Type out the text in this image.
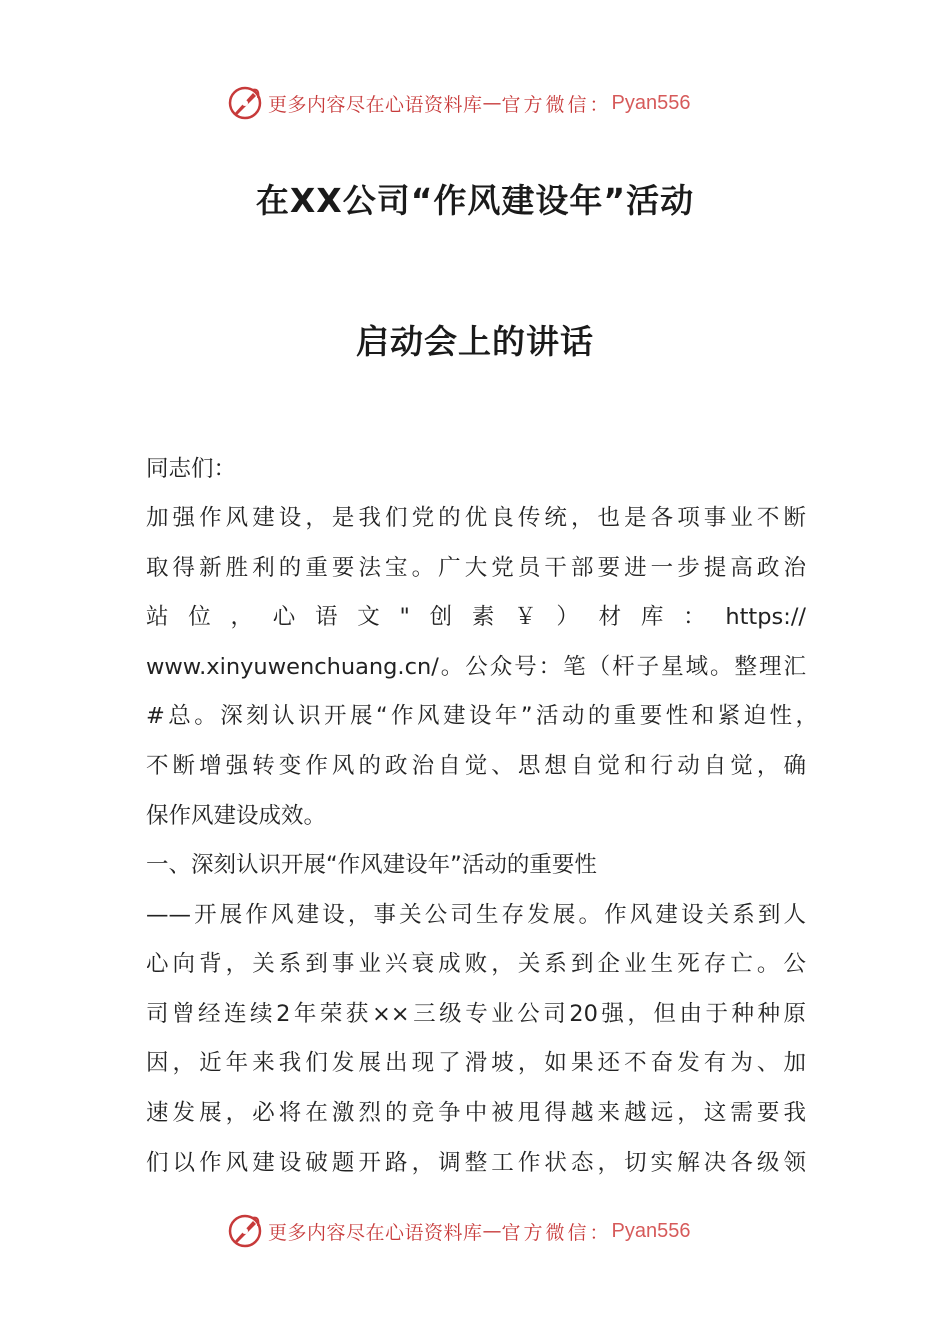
更多内容尽在心语资料库 — 官方微信： Pyan556
在XX公司“作风建设年”活动
启动会上的讲话
同志们：
加强作风建设，是我们党的优良传统，也是各项事业不断
取得新胜利的重要法宝。广大党员干部要进一步提高政治
站位，心语文"创素￥）材库：https://
www.xinyuwenchuang.cn/。公众号：笔（杆子星域。整理汇
#总。深刻认识开展“作风建设年”活动的重要性和紧迫性，
不断增强转变作风的政治自觉、思想自觉和行动自觉，确
保作风建设成效。
一、深刻认识开展“作风建设年”活动的重要性
——开展作风建设，事关公司生存发展。作风建设关系到人
心向背，关系到事业兴衰成败，关系到企业生死存亡。公
司曾经连续2年荣获××三级专业公司20强，但由于种种原
因，近年来我们发展出现了滑坡，如果还不奋发有为、加
速发展，必将在激烈的竞争中被甩得越来越远，这需要我
们以作风建设破题开路，调整工作状态，切实解决各级领
更多内容尽在心语资料库 — 官方微信： Pyan556
